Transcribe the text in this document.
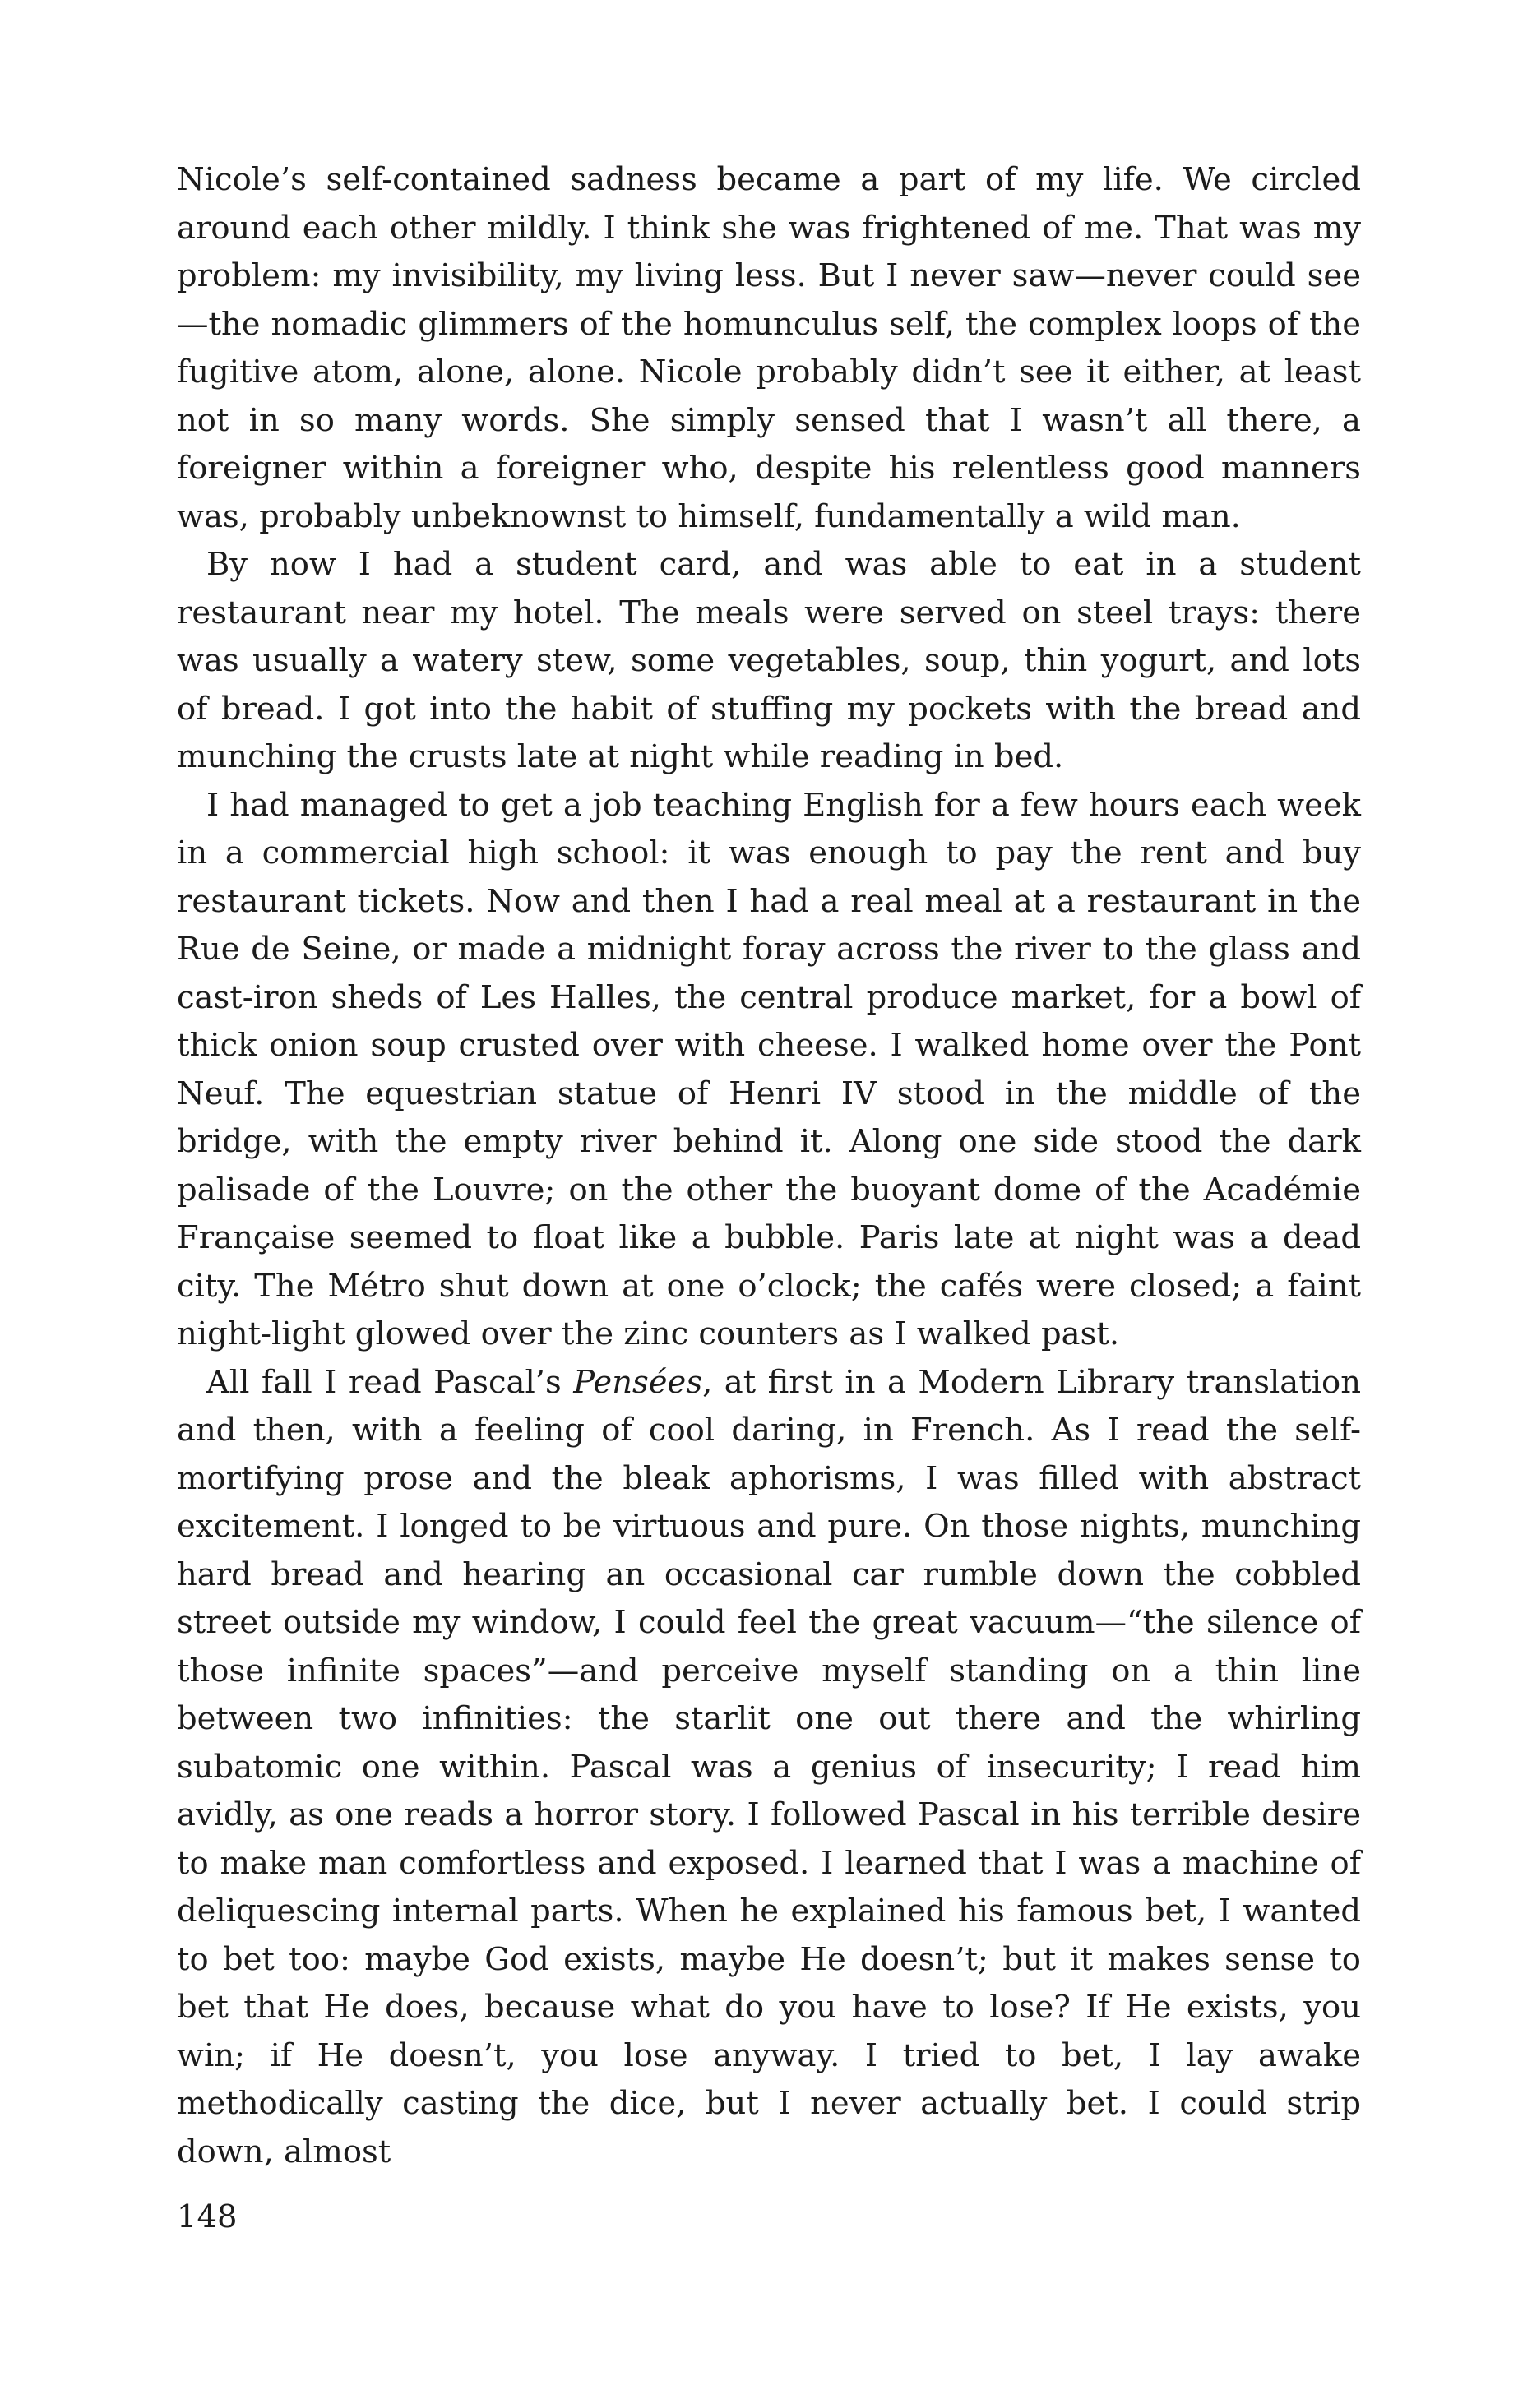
Nicole’s self-contained sadness became a part of my life. We circled around each other mildly. I think she was frightened of me. That was my problem: my invisibility, my living less. But I never saw—never could see—the nomadic glimmers of the homunculus self, the complex loops of the fugitive atom, alone, alone. Nicole probably didn’t see it either, at least not in so many words. She simply sensed that I wasn’t all there, a foreigner within a foreigner who, despite his relentless good manners was, probably unbeknownst to himself, fundamentally a wild man.

By now I had a student card, and was able to eat in a student restaurant near my hotel. The meals were served on steel trays: there was usually a watery stew, some vegetables, soup, thin yogurt, and lots of bread. I got into the habit of stuffing my pockets with the bread and munching the crusts late at night while reading in bed.

I had managed to get a job teaching English for a few hours each week in a commercial high school: it was enough to pay the rent and buy restaurant tickets. Now and then I had a real meal at a restaurant in the Rue de Seine, or made a midnight foray across the river to the glass and cast-iron sheds of Les Halles, the central produce market, for a bowl of thick onion soup crusted over with cheese. I walked home over the Pont Neuf. The equestrian statue of Henri IV stood in the middle of the bridge, with the empty river behind it. Along one side stood the dark palisade of the Louvre; on the other the buoyant dome of the Académie Française seemed to float like a bubble. Paris late at night was a dead city. The Métro shut down at one o’clock; the cafés were closed; a faint night-light glowed over the zinc counters as I walked past.

All fall I read Pascal’s Pensées, at first in a Modern Library translation and then, with a feeling of cool daring, in French. As I read the self-mortifying prose and the bleak aphorisms, I was filled with abstract excitement. I longed to be virtuous and pure. On those nights, munching hard bread and hearing an occasional car rumble down the cobbled street outside my window, I could feel the great vacuum—“the silence of those infinite spaces”—and perceive myself standing on a thin line between two infinities: the starlit one out there and the whirling subatomic one within. Pascal was a genius of insecurity; I read him avidly, as one reads a horror story. I followed Pascal in his terrible desire to make man comfortless and exposed. I learned that I was a machine of deliquescing internal parts. When he explained his famous bet, I wanted to bet too: maybe God exists, maybe He doesn’t; but it makes sense to bet that He does, because what do you have to lose? If He exists, you win; if He doesn’t, you lose anyway. I tried to bet, I lay awake methodically casting the dice, but I never actually bet. I could strip down, almost

148
